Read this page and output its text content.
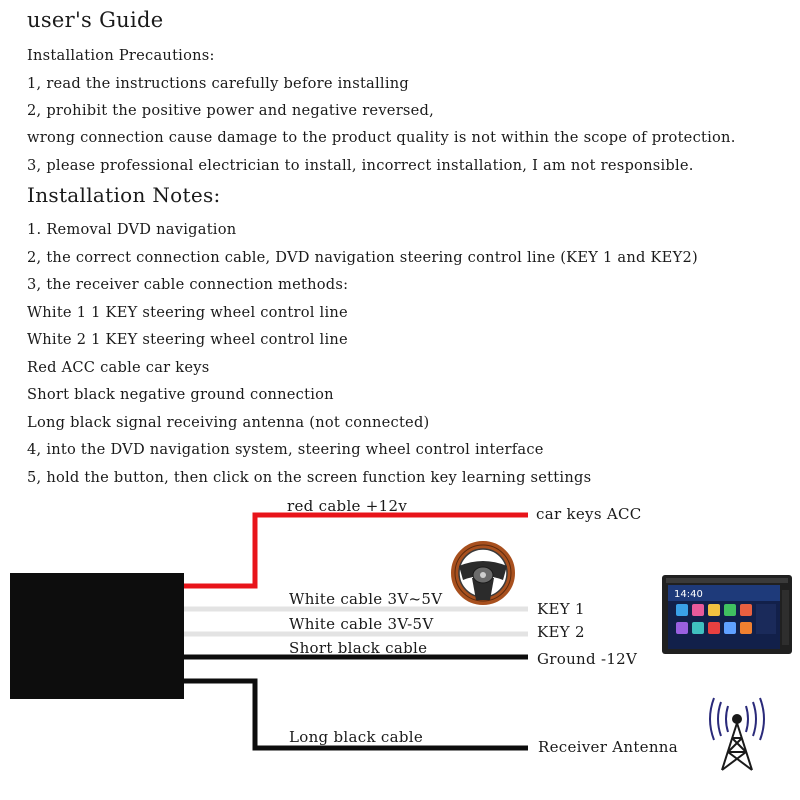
user's Guide
Installation Precautions:
1, read the instructions carefully before installing
2, prohibit the positive power and negative reversed,
wrong connection cause damage to the product quality is not within the scope of protection.
3, please professional electrician to install, incorrect installation, I am not responsible.
Installation Notes:
1. Removal DVD navigation
2, the correct connection cable, DVD navigation steering control line (KEY 1 and KEY2)
3, the receiver cable connection methods:
White 1 1 KEY steering wheel control line
White 2 1 KEY steering wheel control line
Red ACC cable car keys
Short black negative ground connection
Long black signal receiving antenna (not connected)
4, into the DVD navigation system, steering wheel control interface
5, hold the button, then click on the screen function key learning settings
14:40
red cable +12v	car keys ACC
White cable 3V~5V
KEY 1
White cable 3V-5V	KEY 2
Short black cable
Ground -12V
Long black cable
Receiver Antenna
